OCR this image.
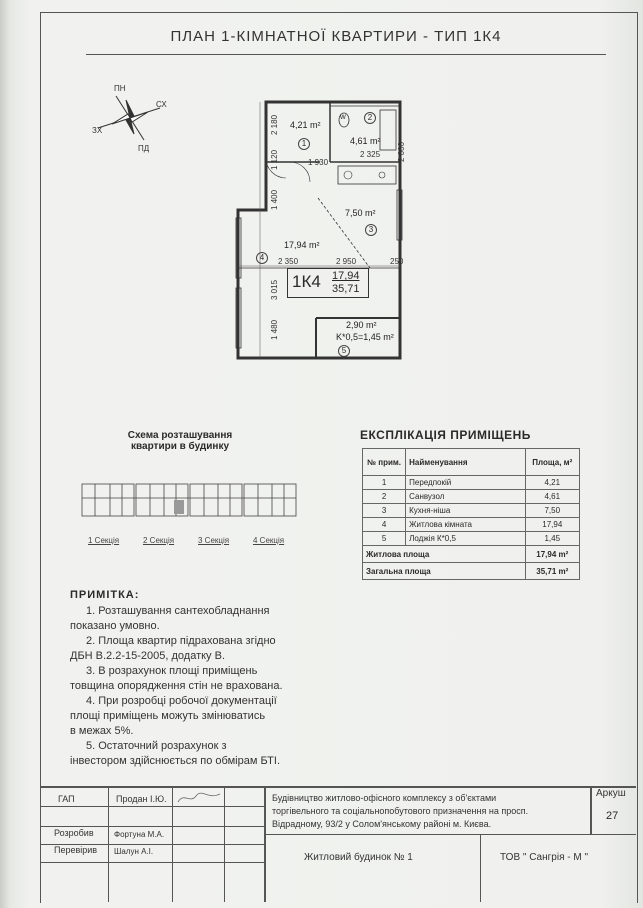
ПЛАН 1-КІМНАТНОЇ КВАРТИРИ - ТИП 1К4
ПН
СХ
ЗХ
ПД
4,21 m²
1
w	2
4,61 m²
7,50 m²
3
4
17,94 m²
2,90 m²
K*0,5=1,45 m²
5
1 930
2 325 2 000
2 180
1 120
1 400
3 015
1 480
2 350	2 950	250
1К4 17,94
35,71
Схема розташування
квартири в будинку
1 Секція	2 Секція	3 Секція	4 Секція
ЕКСПЛІКАЦІЯ ПРИМІЩЕНЬ
№ прим.	Найменування	Площа, м²
1	Передпокій	4,21
2	Санвузол	4,61
3	Кухня-ніша	7,50
4	Житлова кімната	17,94
5	Лоджія К*0,5	1,45
Житлова площа		17,94 m²
Загальна площа		35,71 m²
ПРИМІТКА:
1. Розташування сантехобладнання
показано умовно.
2. Площа квартир підрахована згідно
ДБН В.2.2-15-2005, додатку В.
3. В розрахунок площі приміщень
товщина опорядження стін не врахована.
4. При розробці робочої документації
площі приміщень можуть змінюватись
в межах 5%.
5. Остаточний розрахунок з
інвестором здійснюється по обмірам БТІ.
ГАП	Продан І.Ю.
Розробив	Фортуна М.А.
Перевірив Шалун А.І.
Будівництво житлово-офісного комплексу з об'єктами
торгівельного та соціальнопобутового призначення на просп.
Відрадному, 93/2 у Солом'янському районі м. Києва.
Аркуш
27
Житловий будинок № 1	ТОВ " Сангрія - М "
